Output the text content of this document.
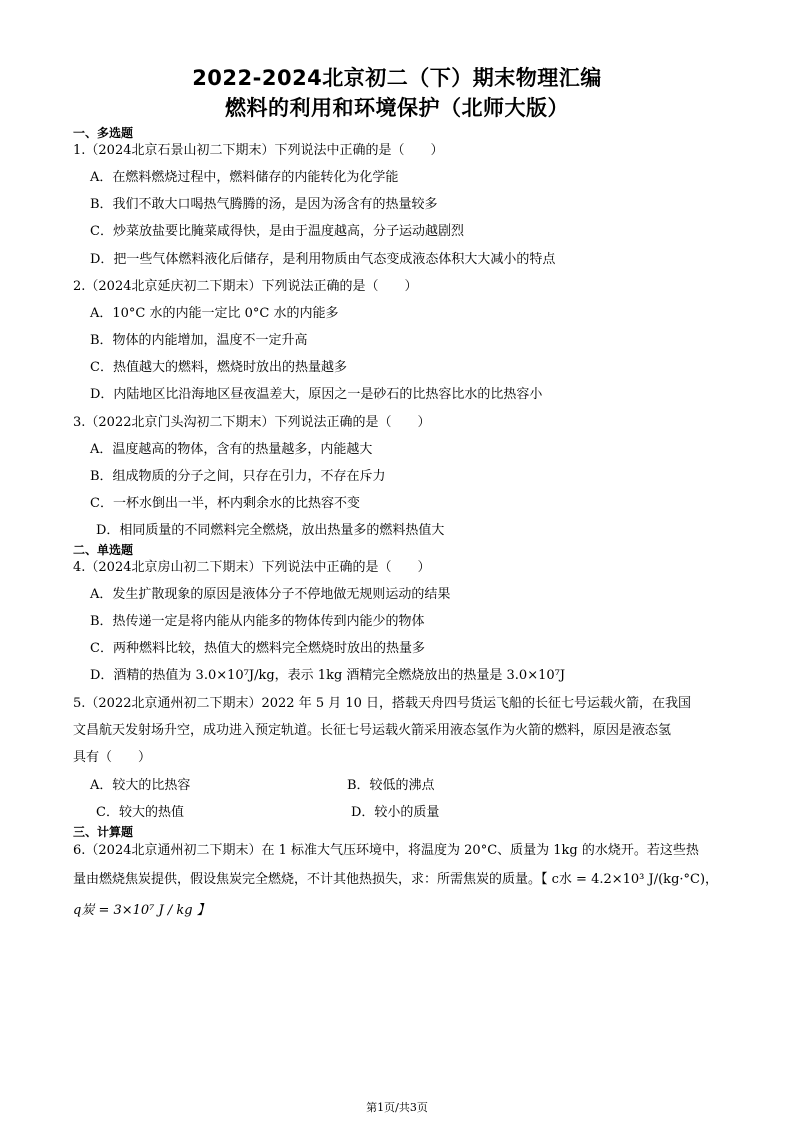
2022-2024北京初二（下）期末物理汇编
燃料的利用和环境保护（北师大版）
一、多选题
1.（2024北京石景山初二下期末）下列说法中正确的是（　　）
A．在燃料燃烧过程中，燃料储存的内能转化为化学能
B．我们不敢大口喝热气腾腾的汤，是因为汤含有的热量较多
C．炒菜放盐要比腌菜咸得快，是由于温度越高，分子运动越剧烈
D．把一些气体燃料液化后储存，是利用物质由气态变成液态体积大大减小的特点
2.（2024北京延庆初二下期末）下列说法正确的是（　　）
A．10°C 水的内能一定比 0°C 水的内能多
B．物体的内能增加，温度不一定升高
C．热值越大的燃料，燃烧时放出的热量越多
D．内陆地区比沿海地区昼夜温差大，原因之一是砂石的比热容比水的比热容小
3.（2022北京门头沟初二下期末）下列说法正确的是（　　）
A．温度越高的物体，含有的热量越多，内能越大
B．组成物质的分子之间，只存在引力，不存在斥力
C．一杯水倒出一半，杯内剩余水的比热容不变
D．相同质量的不同燃料完全燃烧，放出热量多的燃料热值大
二、单选题
4.（2024北京房山初二下期末）下列说法中正确的是（　　）
A．发生扩散现象的原因是液体分子不停地做无规则运动的结果
B．热传递一定是将内能从内能多的物体传到内能少的物体
C．两种燃料比较，热值大的燃料完全燃烧时放出的热量多
D．酒精的热值为 3.0×10⁷J/kg，表示 1kg 酒精完全燃烧放出的热量是 3.0×10⁷J
5.（2022北京通州初二下期末）2022 年 5 月 10 日，搭载天舟四号货运飞船的长征七号运载火箭，在我国
文昌航天发射场升空，成功进入预定轨道。长征七号运载火箭采用液态氢作为火箭的燃料，原因是液态氢
具有（　　）
A．较大的比热容	B．较低的沸点
C．较大的热值	D．较小的质量
三、计算题
6.（2024北京通州初二下期末）在 1 标准大气压环境中，将温度为 20°C、质量为 1kg 的水烧开。若这些热
量由燃烧焦炭提供，假设焦炭完全燃烧，不计其他热损失，求：所需焦炭的质量。【 c水 = 4.2×10³ J/(kg·°C)，
q炭 = 3×10⁷ J / kg 】
第1页/共3页
